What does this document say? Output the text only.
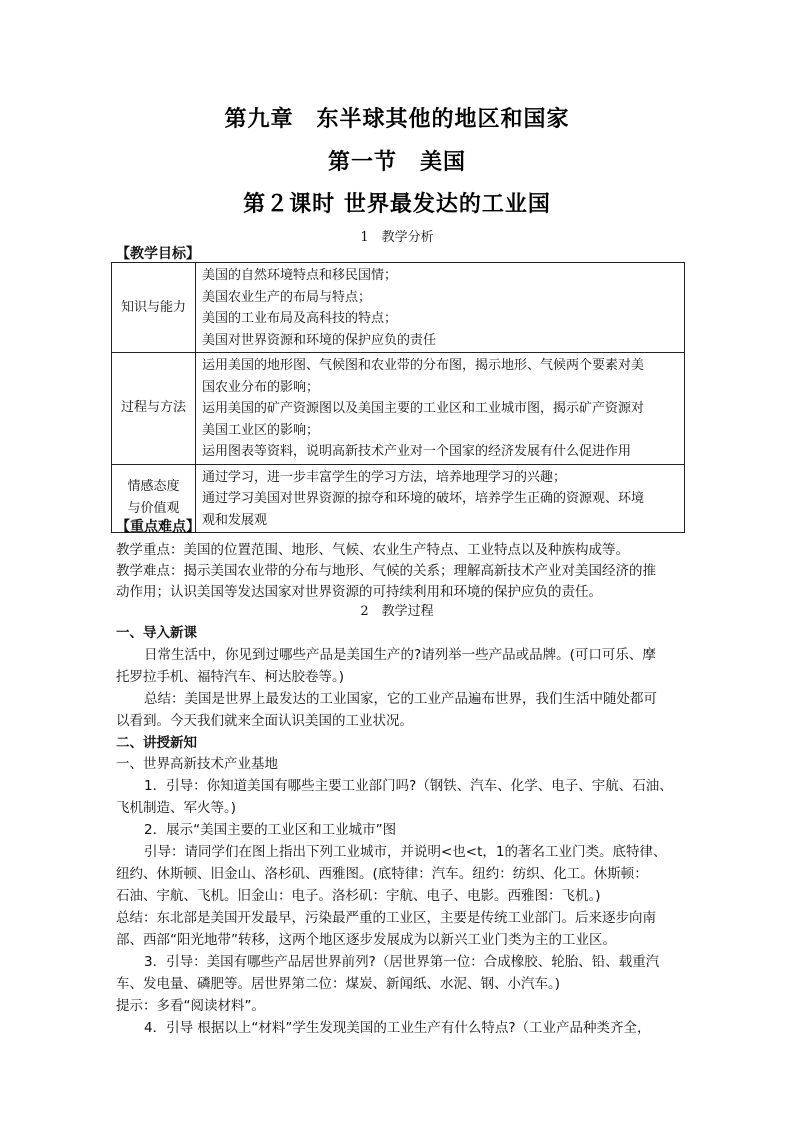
第九章　东半球其他的地区和国家
第一节　美国
第２课时 世界最发达的工业国
1　教学分析
【教学目标】
知识与能力	美国的自然环境特点和移民国情；
美国农业生产的布局与特点；
美国的工业布局及高科技的特点；
美国对世界资源和环境的保护应负的责任

过程与方法	运用美国的地形图、气候图和农业带的分布图，揭示地形、气候两个要素对美
国农业分布的影响；
运用美国的矿产资源图以及美国主要的工业区和工业城市图，揭示矿产资源对
美国工业区的影响；
运用图表等资料，说明高新技术产业对一个国家的经济发展有什么促进作用

情感态度
与价值观	通过学习，进一步丰富学生的学习方法，培养地理学习的兴趣；
通过学习美国对世界资源的掠夺和环境的破坏，培养学生正确的资源观、环境
观和发展观
【重点难点】
教学重点：美国的位置范围、地形、气候、农业生产特点、工业特点以及种族构成等。
教学难点：揭示美国农业带的分布与地形、气候的关系；理解高新技术产业对美国经济的推
动作用；认识美国等发达国家对世界资源的可持续利用和环境的保护应负的责任。
2　教学过程
一、导入新课
日常生活中，你见到过哪些产品是美国生产的?请列举一些产品或品牌。(可口可乐、摩
托罗拉手机、福特汽车、柯达胶卷等。)
总结：美国是世界上最发达的工业国家，它的工业产品遍布世界，我们生活中随处都可
以看到。今天我们就来全面认识美国的工业状况。
二、讲授新知
一、世界高新技术产业基地
1．引导：你知道美国有哪些主要工业部门吗?（钢铁、汽车、化学、电子、宇航、石油、
飞机制造、军火等。)
2．展示“美国主要的工业区和工业城市”图
引导：请同学们在图上指出下列工业城市，并说明<也<t，1的著名工业门类。底特律、
纽约、休斯顿、旧金山、洛杉矶、西雅图。(底特律：汽车。纽约：纺织、化工。休斯顿：
石油、宇航、飞机。旧金山：电子。洛杉矶：宇航、电子、电影。西雅图：飞机。)
总结：东北部是美国开发最早，污染最严重的工业区，主要是传统工业部门。后来逐步向南
部、西部“阳光地带”转移，这两个地区逐步发展成为以新兴工业门类为主的工业区。
3．引导：美国有哪些产品居世界前列?（居世界第一位：合成橡胶、轮胎、铅、载重汽
车、发电量、磷肥等。居世界第二位：煤炭、新闻纸、水泥、钢、小汽车。)
提示：多看“阅读材料”。
4．引导 根据以上“材料”学生发现美国的工业生产有什么特点?（工业产品种类齐全，
